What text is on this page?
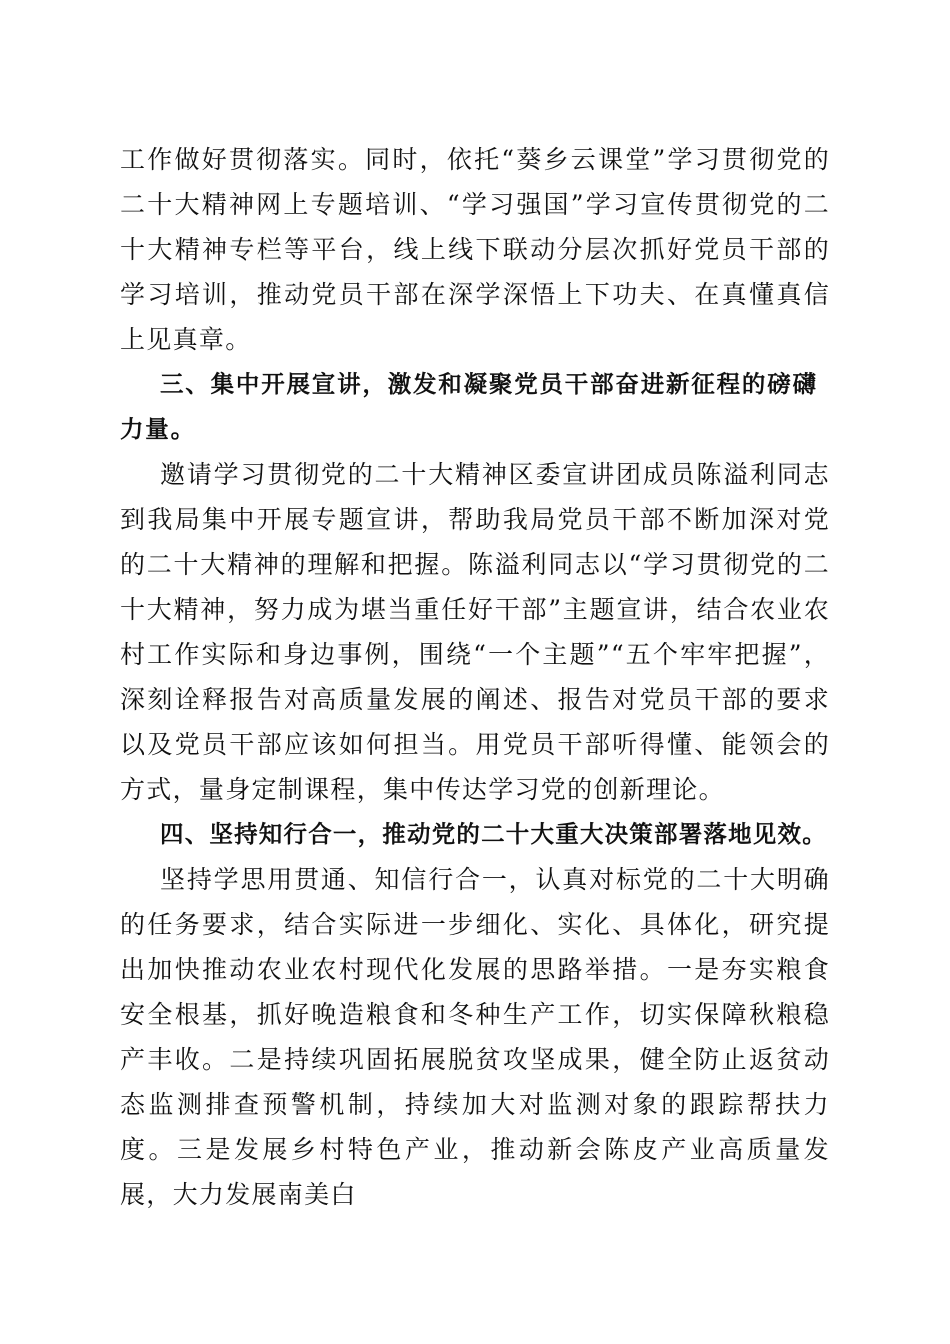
工作做好贯彻落实。同时，依托“葵乡云课堂”学习贯彻党的二十大精神网上专题培训、“学习强国”学习宣传贯彻党的二十大精神专栏等平台，线上线下联动分层次抓好党员干部的学习培训，推动党员干部在深学深悟上下功夫、在真懂真信上见真章。

三、集中开展宣讲，激发和凝聚党员干部奋进新征程的磅礴力量。

邀请学习贯彻党的二十大精神区委宣讲团成员陈溢利同志到我局集中开展专题宣讲，帮助我局党员干部不断加深对党的二十大精神的理解和把握。陈溢利同志以“学习贯彻党的二十大精神，努力成为堪当重任好干部”主题宣讲，结合农业农村工作实际和身边事例，围绕“一个主题”“五个牢牢把握”，深刻诠释报告对高质量发展的阐述、报告对党员干部的要求以及党员干部应该如何担当。用党员干部听得懂、能领会的方式，量身定制课程，集中传达学习党的创新理论。

四、坚持知行合一，推动党的二十大重大决策部署落地见效。

坚持学思用贯通、知信行合一，认真对标党的二十大明确的任务要求，结合实际进一步细化、实化、具体化，研究提出加快推动农业农村现代化发展的思路举措。一是夯实粮食安全根基，抓好晚造粮食和冬种生产工作，切实保障秋粮稳产丰收。二是持续巩固拓展脱贫攻坚成果，健全防止返贫动态监测排查预警机制，持续加大对监测对象的跟踪帮扶力度。三是发展乡村特色产业，推动新会陈皮产业高质量发展，大力发展南美白
